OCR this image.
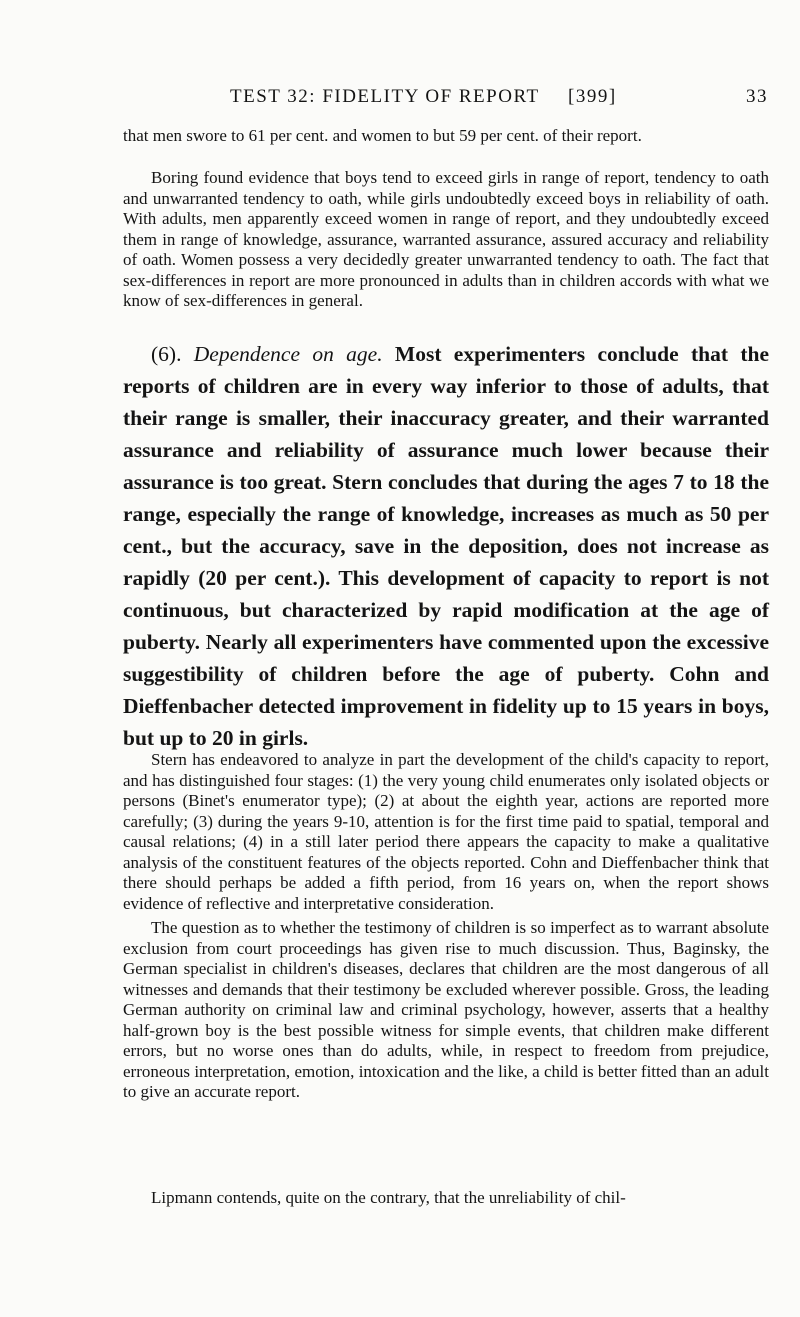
TEST 32: FIDELITY OF REPORT [399]	33

that men swore to 61 per cent. and women to but 59 per cent. of their report.

Boring found evidence that boys tend to exceed girls in range of report, tendency to oath and unwarranted tendency to oath, while girls undoubtedly exceed boys in reliability of oath. With adults, men apparently exceed women in range of report, and they undoubtedly exceed them in range of knowledge, assurance, warranted assurance, assured accuracy and reliability of oath. Women possess a very decidedly greater unwarranted tendency to oath. The fact that sex-differences in report are more pronounced in adults than in children accords with what we know of sex-differences in general.

(6). Dependence on age. Most experimenters conclude that the reports of children are in every way inferior to those of adults, that their range is smaller, their inaccuracy greater, and their warranted assurance and reliability of assurance much lower because their assurance is too great. Stern concludes that during the ages 7 to 18 the range, especially the range of knowledge, increases as much as 50 per cent., but the accuracy, save in the deposition, does not increase as rapidly (20 per cent.). This development of capacity to report is not continuous, but characterized by rapid modification at the age of puberty. Nearly all experimenters have commented upon the excessive suggestibility of children before the age of puberty. Cohn and Dieffenbacher detected improvement in fidelity up to 15 years in boys, but up to 20 in girls.

Stern has endeavored to analyze in part the development of the child's capacity to report, and has distinguished four stages: (1) the very young child enumerates only isolated objects or persons (Binet's enumerator type); (2) at about the eighth year, actions are reported more carefully; (3) during the years 9-10, attention is for the first time paid to spatial, temporal and causal relations; (4) in a still later period there appears the capacity to make a qualitative analysis of the constituent features of the objects reported. Cohn and Dieffenbacher think that there should perhaps be added a fifth period, from 16 years on, when the report shows evidence of reflective and interpretative consideration.

The question as to whether the testimony of children is so imperfect as to warrant absolute exclusion from court proceedings has given rise to much discussion. Thus, Baginsky, the German specialist in children's diseases, declares that children are the most dangerous of all witnesses and demands that their testimony be excluded wherever possible. Gross, the leading German authority on criminal law and criminal psychology, however, asserts that a healthy half-grown boy is the best possible witness for simple events, that children make different errors, but no worse ones than do adults, while, in respect to freedom from prejudice, erroneous interpretation, emotion, intoxication and the like, a child is better fitted than an adult to give an accurate report.

Lipmann contends, quite on the contrary, that the unreliability of chil-
